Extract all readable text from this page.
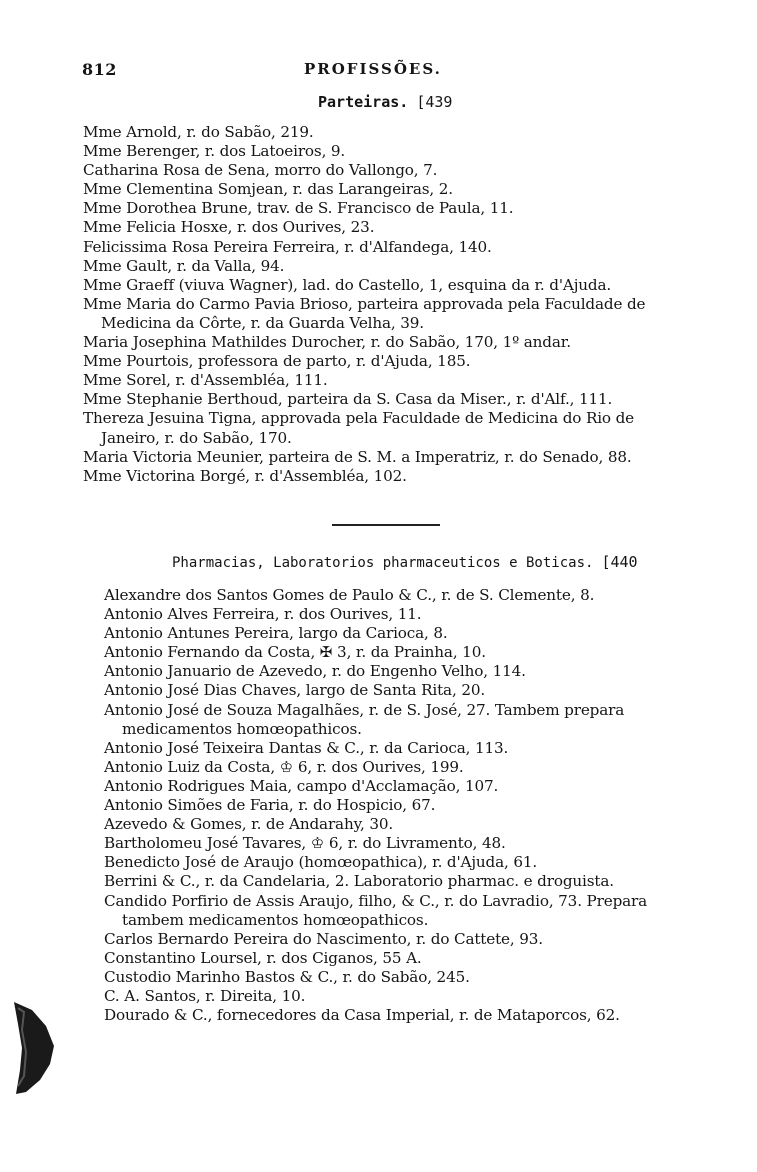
812	PROFISSÕES.
Parteiras. [439
Mme Arnold, r. do Sabão, 219.
Mme Berenger, r. dos Latoeiros, 9.
Catharina Rosa de Sena, morro do Vallongo, 7.
Mme Clementina Somjean, r. das Larangeiras, 2.
Mme Dorothea Brune, trav. de S. Francisco de Paula, 11.
Mme Felicia Hosxe, r. dos Ourives, 23.
Felicissima Rosa Pereira Ferreira, r. d'Alfandega, 140.
Mme Gault, r. da Valla, 94.
Mme Graeff (viuva Wagner), lad. do Castello, 1, esquina da r. d'Ajuda.
Mme Maria do Carmo Pavia Brioso, parteira approvada pela Faculdade de Medicina da Côrte, r. da Guarda Velha, 39.
Maria Josephina Mathildes Durocher, r. do Sabão, 170, 1º andar.
Mme Pourtois, professora de parto, r. d'Ajuda, 185.
Mme Sorel, r. d'Assembléa, 111.
Mme Stephanie Berthoud, parteira da S. Casa da Miser., r. d'Alf., 111.
Thereza Jesuina Tigna, approvada pela Faculdade de Medicina do Rio de Janeiro, r. do Sabão, 170.
Maria Victoria Meunier, parteira de S. M. a Imperatriz, r. do Senado, 88.
Mme Victorina Borgé, r. d'Assembléa, 102.
Pharmacias, Laboratorios pharmaceuticos e Boticas. [440
Alexandre dos Santos Gomes de Paulo & C., r. de S. Clemente, 8.
Antonio Alves Ferreira, r. dos Ourives, 11.
Antonio Antunes Pereira, largo da Carioca, 8.
Antonio Fernando da Costa, ✠ 3, r. da Prainha, 10.
Antonio Januario de Azevedo, r. do Engenho Velho, 114.
Antonio José Dias Chaves, largo de Santa Rita, 20.
Antonio José de Souza Magalhães, r. de S. José, 27. Tambem prepara medicamentos homœopathicos.
Antonio José Teixeira Dantas & C., r. da Carioca, 113.
Antonio Luiz da Costa, ♔ 6, r. dos Ourives, 199.
Antonio Rodrigues Maia, campo d'Acclamação, 107.
Antonio Simões de Faria, r. do Hospicio, 67.
Azevedo & Gomes, r. de Andarahy, 30.
Bartholomeu José Tavares, ♔ 6, r. do Livramento, 48.
Benedicto José de Araujo (homœopathica), r. d'Ajuda, 61.
Berrini & C., r. da Candelaria, 2. Laboratorio pharmac. e droguista.
Candido Porfirio de Assis Araujo, filho, & C., r. do Lavradio, 73. Prepara tambem medicamentos homœopathicos.
Carlos Bernardo Pereira do Nascimento, r. do Cattete, 93.
Constantino Loursel, r. dos Ciganos, 55 A.
Custodio Marinho Bastos & C., r. do Sabão, 245.
C. A. Santos, r. Direita, 10.
Dourado & C., fornecedores da Casa Imperial, r. de Mataporcos, 62.
